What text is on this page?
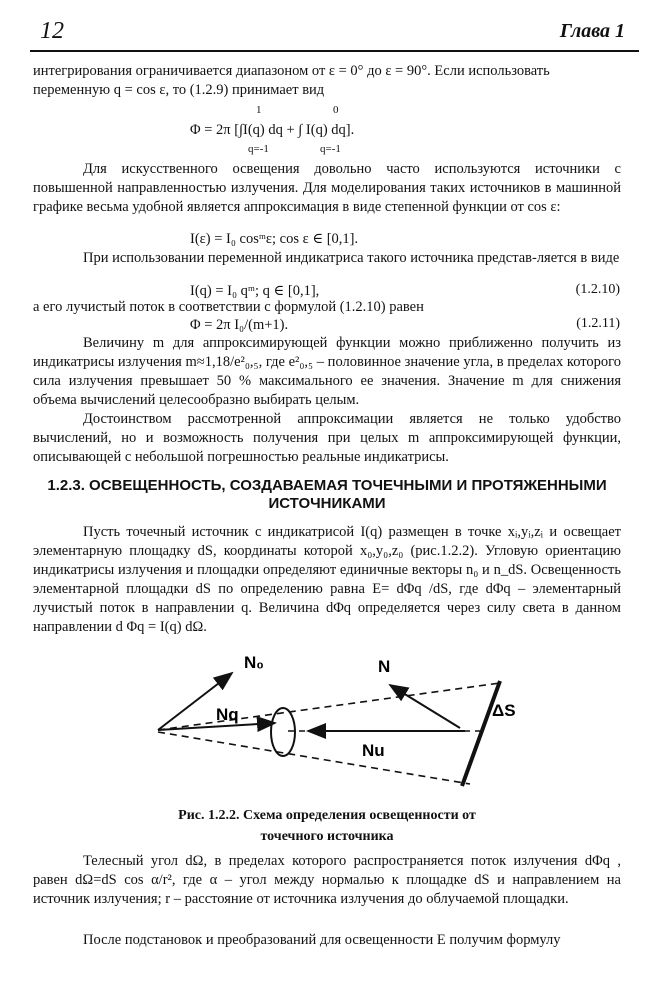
12	Глава 1

интегрирования ограничивается диапазоном от ε = 0° до ε = 90°. Если использовать

переменную q = cos ε, то (1.2.9) принимает вид

1	0
Φ = 2π [∫I(q) dq + ∫ I(q) dq].
q=-1	q=-1

Для искусственного освещения довольно часто используются источники с повышенной направленностью излучения. Для моделирования таких источников в машинной графике весьма удобной является аппроксимация в виде степенной функции от cos ε:

I(ε) = I₀ cosᵐε; cos ε ∈ [0,1].

При использовании переменной индикатриса такого источника представ-ляется в виде

I(q) = I₀ qᵐ; q ∈ [0,1],	(1.2.10)

а его лучистый поток в соответствии с формулой (1.2.10) равен

Φ = 2π I₀/(m+1).	(1.2.11)

Величину m для аппроксимирующей функции можно приближенно получить из индикатрисы излучения m≈1,18/e²₀,₅, где e²₀,₅ – половинное значение угла, в пределах которого сила излучения превышает 50 % максимального ее значения. Значение m для снижения объема вычислений целесообразно выбирать целым.

Достоинством рассмотренной аппроксимации является не только удобство вычислений, но и возможность получения при целых m аппроксимирующей функции, описывающей с небольшой погрешностью реальные индикатрисы.

1.2.3. ОСВЕЩЕННОСТЬ, СОЗДАВАЕМАЯ ТОЧЕЧНЫМИ И ПРОТЯЖЕННЫМИ
ИСТОЧНИКАМИ

Пусть точечный источник с индикатрисой I(q) размещен в точке xᵢ,yᵢ,zᵢ и освещает элементарную площадку dS, координаты которой x₀,y₀,z₀ (рис.1.2.2). Угловую ориентацию индикатрисы излучения и площадки определяют единичные векторы n₀ и n_dS. Освещенность элементарной площадки dS по определению равна E= dΦq /dS, где dΦq – элементарный лучистый поток в направлении q. Величина dΦq определяется через силу света в данном направлении d Φq = I(q) dΩ.

N₀
Nq
N
ΔS
Nu
Рис. 1.2.2. Схема определения освещенности от
точечного источника

Телесный угол dΩ, в пределах которого распространяется поток излучения dΦq , равен dΩ=dS cos α/r², где α – угол между нормалью к площадке dS и направлением на источник излучения; r – расстояние от источника излучения до облучаемой площадки.

После подстановок и преобразований для освещенности E получим формулу
